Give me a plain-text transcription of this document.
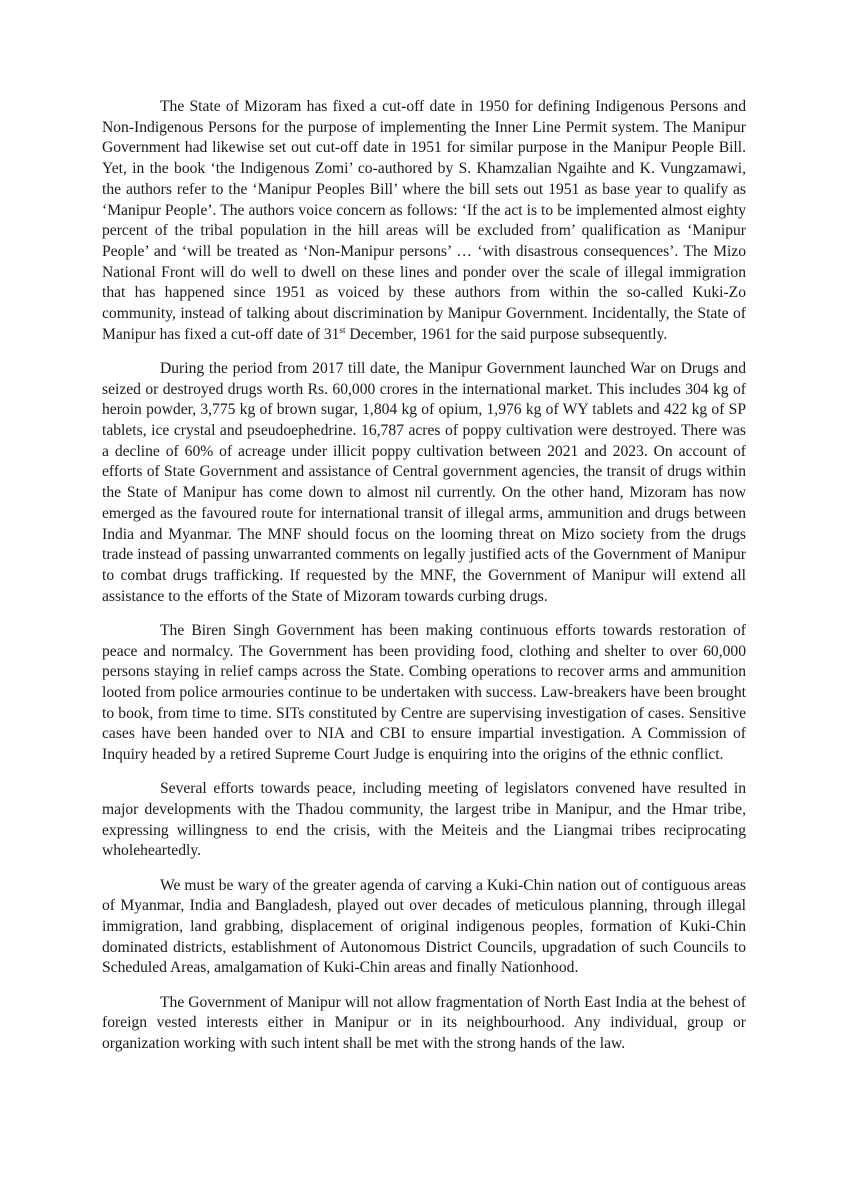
The State of Mizoram has fixed a cut-off date in 1950 for defining Indigenous Persons and Non-Indigenous Persons for the purpose of implementing the Inner Line Permit system. The Manipur Government had likewise set out cut-off date in 1951 for similar purpose in the Manipur People Bill. Yet, in the book ‘the Indigenous Zomi’ co-authored by S. Khamzalian Ngaihte and K. Vungzamawi, the authors refer to the ‘Manipur Peoples Bill’ where the bill sets out 1951 as base year to qualify as ‘Manipur People’. The authors voice concern as follows: ‘If the act is to be implemented almost eighty percent of the tribal population in the hill areas will be excluded from’ qualification as ‘Manipur People’ and ‘will be treated as ‘Non-Manipur persons’ … ‘with disastrous consequences’. The Mizo National Front will do well to dwell on these lines and ponder over the scale of illegal immigration that has happened since 1951 as voiced by these authors from within the so-called Kuki-Zo community, instead of talking about discrimination by Manipur Government. Incidentally, the State of Manipur has fixed a cut-off date of 31st December, 1961 for the said purpose subsequently.

During the period from 2017 till date, the Manipur Government launched War on Drugs and seized or destroyed drugs worth Rs. 60,000 crores in the international market. This includes 304 kg of heroin powder, 3,775 kg of brown sugar, 1,804 kg of opium, 1,976 kg of WY tablets and 422 kg of SP tablets, ice crystal and pseudoephedrine. 16,787 acres of poppy cultivation were destroyed. There was a decline of 60% of acreage under illicit poppy cultivation between 2021 and 2023. On account of efforts of State Government and assistance of Central government agencies, the transit of drugs within the State of Manipur has come down to almost nil currently. On the other hand, Mizoram has now emerged as the favoured route for international transit of illegal arms, ammunition and drugs between India and Myanmar. The MNF should focus on the looming threat on Mizo society from the drugs trade instead of passing unwarranted comments on legally justified acts of the Government of Manipur to combat drugs trafficking. If requested by the MNF, the Government of Manipur will extend all assistance to the efforts of the State of Mizoram towards curbing drugs.

The Biren Singh Government has been making continuous efforts towards restoration of peace and normalcy. The Government has been providing food, clothing and shelter to over 60,000 persons staying in relief camps across the State. Combing operations to recover arms and ammunition looted from police armouries continue to be undertaken with success. Law-breakers have been brought to book, from time to time. SITs constituted by Centre are supervising investigation of cases. Sensitive cases have been handed over to NIA and CBI to ensure impartial investigation. A Commission of Inquiry headed by a retired Supreme Court Judge is enquiring into the origins of the ethnic conflict.

Several efforts towards peace, including meeting of legislators convened have resulted in major developments with the Thadou community, the largest tribe in Manipur, and the Hmar tribe, expressing willingness to end the crisis, with the Meiteis and the Liangmai tribes reciprocating wholeheartedly.

We must be wary of the greater agenda of carving a Kuki-Chin nation out of contiguous areas of Myanmar, India and Bangladesh, played out over decades of meticulous planning, through illegal immigration, land grabbing, displacement of original indigenous peoples, formation of Kuki-Chin dominated districts, establishment of Autonomous District Councils, upgradation of such Councils to Scheduled Areas, amalgamation of Kuki-Chin areas and finally Nationhood.

The Government of Manipur will not allow fragmentation of North East India at the behest of foreign vested interests either in Manipur or in its neighbourhood. Any individual, group or organization working with such intent shall be met with the strong hands of the law.
